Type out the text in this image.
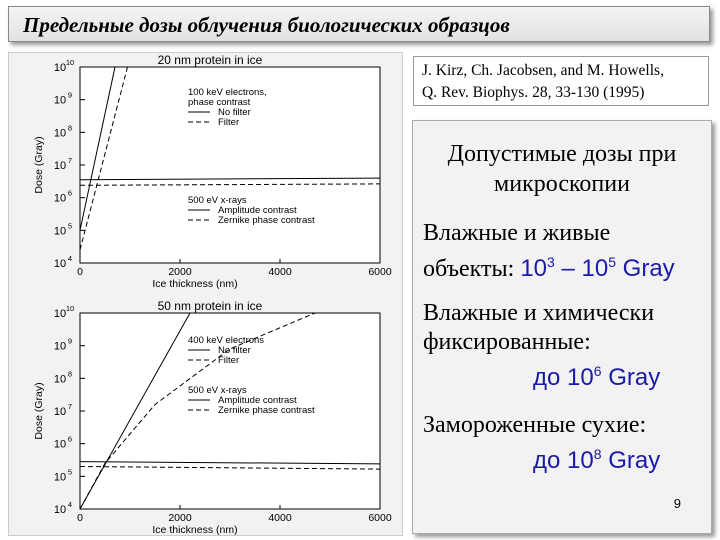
Предельные дозы облучения биологических образцов
20 nm protein in ice
Ice thickness (nm)
Dose (Gray)
0	2000	4000	6000
10 4
10 5
10 6
10 7
10 8
10 9
10 10
100 keV electrons,
phase contrast
No filter
Filter
500 eV x-rays
Amplitude contrast
Zernike phase contrast
50 nm protein in ice
Ice thickness (nm)
Dose (Gray)
0	2000	4000	6000
10 4
10 5
10 6
10 7
10 8
10 9
10 10
400 keV electrons
No filter
Filter
500 eV x-rays
Amplitude contrast
Zernike phase contrast
J. Kirz, Ch. Jacobsen, and M. Howells,
Q. Rev. Biophys. 28, 33-130 (1995)
Допустимые дозы при
микроскопии
Влажные и живые
объекты: $10^3 - 10^5$ Gray
Влажные и химически
фиксированные:
до $10^6$ Gray
Замороженные сухие:
до $10^8$ Gray
9
